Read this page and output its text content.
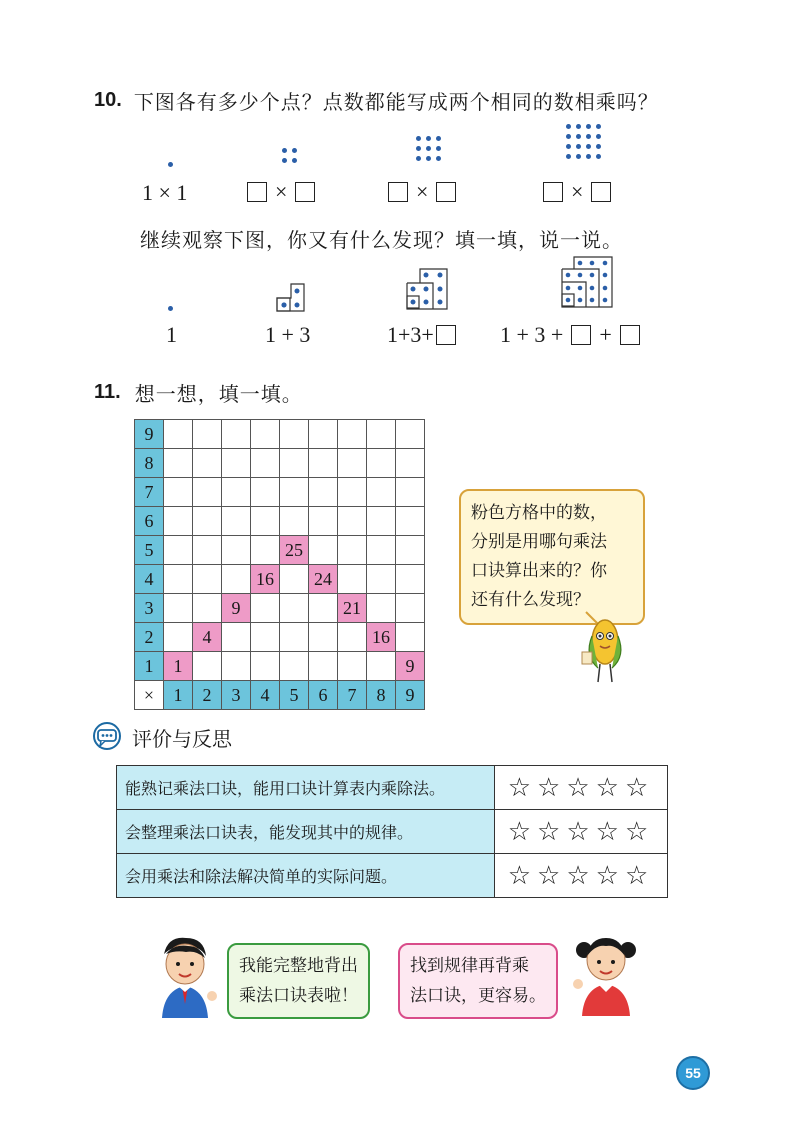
10. 下图各有多少个点？点数都能写成两个相同的数相乘吗？
1 × 1	×	×	×
继续观察下图，你又有什么发现？填一填，说一说。
1	1 + 3	1+3+	1 + 3 + +
11. 想一想，填一填。
9									
8									
7									
6									
5					25				
4				16		24			
3			9				21		
2		4						16	
1	1								9
×	1	2	3	4	5	6	7	8	9
粉色方格中的数，
分别是用哪句乘法
口诀算出来的？你
还有什么发现？
评价与反思
能熟记乘法口诀，能用口诀计算表内乘除法。	☆☆☆☆☆
会整理乘法口诀表，能发现其中的规律。	☆☆☆☆☆
会用乘法和除法解决简单的实际问题。	☆☆☆☆☆
我能完整地背出
乘法口诀表啦！
找到规律再背乘
法口诀，更容易。
55
